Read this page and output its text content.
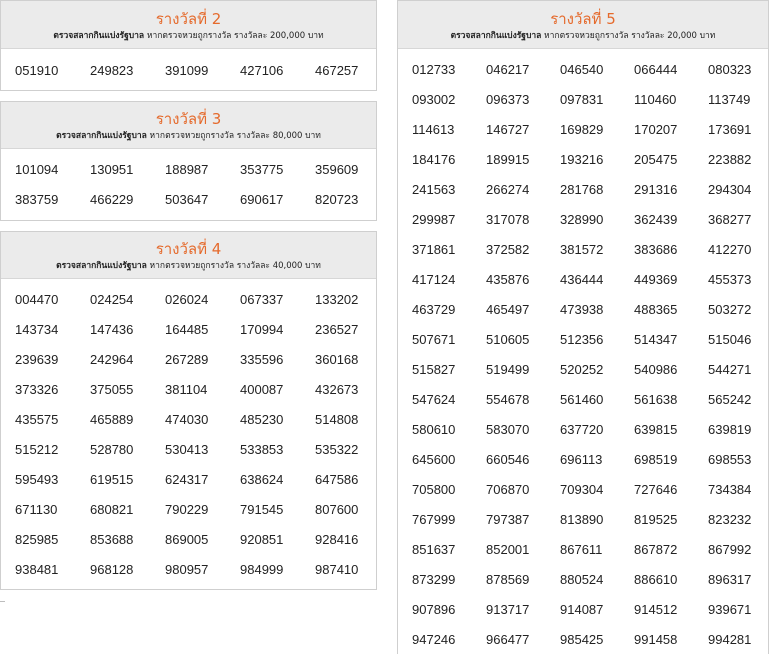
รางวัลที่ 2
ตรวจสลากกินแบ่งรัฐบาล หากตรวจหวยถูกรางวัล รางวัลละ 200,000 บาท
051910	249823	391099	427106	467257
รางวัลที่ 3
ตรวจสลากกินแบ่งรัฐบาล หากตรวจหวยถูกรางวัล รางวัลละ 80,000 บาท
101094	130951	188987	353775	359609
383759	466229	503647	690617	820723
รางวัลที่ 4
ตรวจสลากกินแบ่งรัฐบาล หากตรวจหวยถูกรางวัล รางวัลละ 40,000 บาท
004470	024254	026024	067337	133202
143734	147436	164485	170994	236527
239639	242964	267289	335596	360168
373326	375055	381104	400087	432673
435575	465889	474030	485230	514808
515212	528780	530413	533853	535322
595493	619515	624317	638624	647586
671130	680821	790229	791545	807600
825985	853688	869005	920851	928416
938481	968128	980957	984999	987410
รางวัลที่ 5
ตรวจสลากกินแบ่งรัฐบาล หากตรวจหวยถูกรางวัล รางวัลละ 20,000 บาท
012733	046217	046540	066444	080323
093002	096373	097831	110460	113749
114613	146727	169829	170207	173691
184176	189915	193216	205475	223882
241563	266274	281768	291316	294304
299987	317078	328990	362439	368277
371861	372582	381572	383686	412270
417124	435876	436444	449369	455373
463729	465497	473938	488365	503272
507671	510605	512356	514347	515046
515827	519499	520252	540986	544271
547624	554678	561460	561638	565242
580610	583070	637720	639815	639819
645600	660546	696113	698519	698553
705800	706870	709304	727646	734384
767999	797387	813890	819525	823232
851637	852001	867611	867872	867992
873299	878569	880524	886610	896317
907896	913717	914087	914512	939671
947246	966477	985425	991458	994281
